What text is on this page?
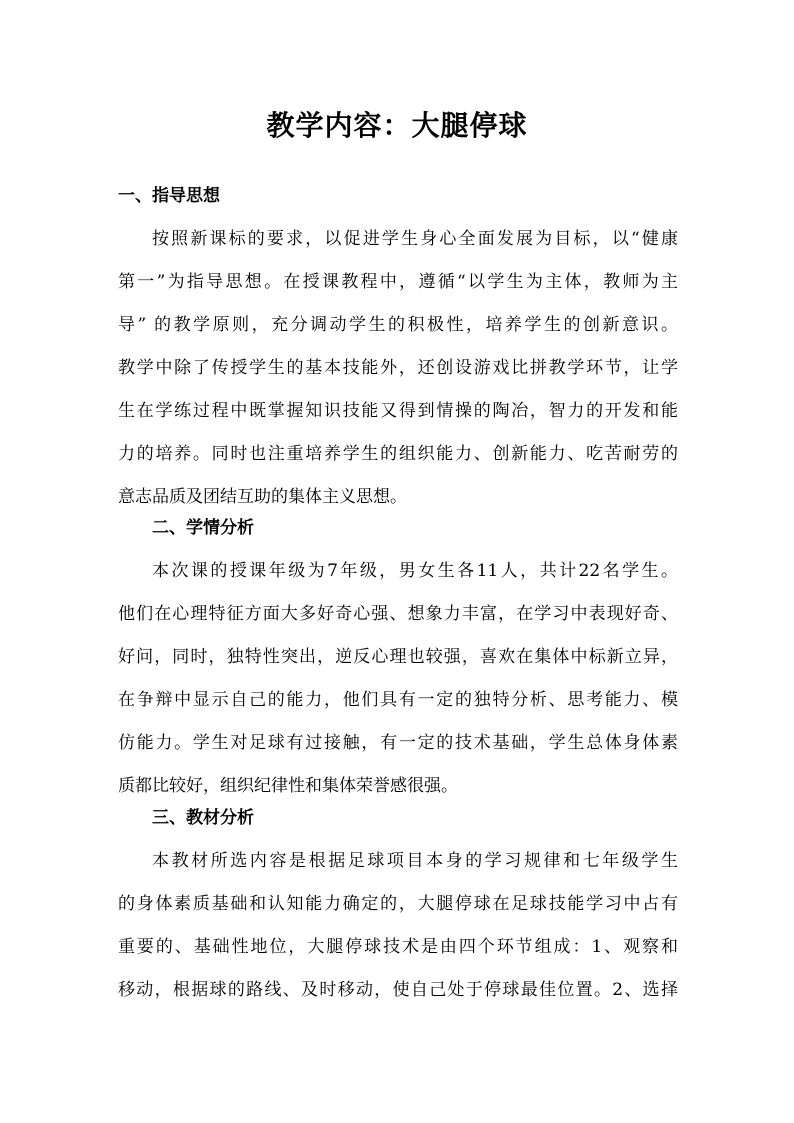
教学内容：大腿停球
一、指导思想
按照新课标的要求，以促进学生身心全面发展为目标，以“健康
第一”为指导思想。在授课教程中，遵循“以学生为主体，教师为主
导” 的教学原则，充分调动学生的积极性，培养学生的创新意识。
教学中除了传授学生的基本技能外，还创设游戏比拼教学环节，让学
生在学练过程中既掌握知识技能又得到情操的陶冶，智力的开发和能
力的培养。同时也注重培养学生的组织能力、创新能力、吃苦耐劳的
意志品质及团结互助的集体主义思想。
二、学情分析
本次课的授课年级为7年级，男女生各11人，共计22名学生。
他们在心理特征方面大多好奇心强、想象力丰富，在学习中表现好奇、
好问，同时，独特性突出，逆反心理也较强，喜欢在集体中标新立异，
在争辩中显示自己的能力，他们具有一定的独特分析、思考能力、模
仿能力。学生对足球有过接触，有一定的技术基础，学生总体身体素
质都比较好，组织纪律性和集体荣誉感很强。
三、教材分析
本教材所选内容是根据足球项目本身的学习规律和七年级学生
的身体素质基础和认知能力确定的，大腿停球在足球技能学习中占有
重要的、基础性地位，大腿停球技术是由四个环节组成：1、观察和
移动，根据球的路线、及时移动，使自己处于停球最佳位置。2、选择
